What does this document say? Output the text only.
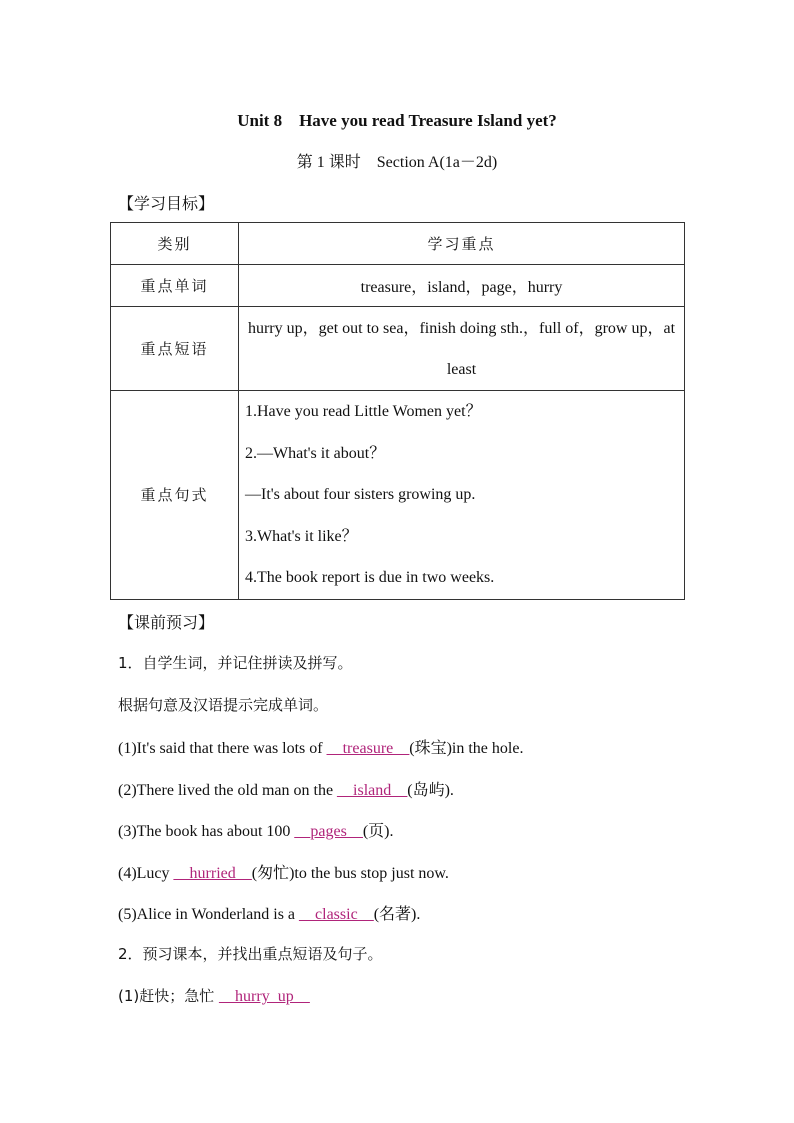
Unit 8　Have you read Treasure Island yet?
第 1 课时　Section A(1a－2d)
【学习目标】
类别	学习重点
重点单词	treasure，island，page，hurry
重点短语	hurry up，get out to sea，finish doing sth.，full of，grow up，at least
重点句式	1.Have you read Little Women yet？
2.—What's it about？
—It's about four sisters growing up.
3.What's it like？
4.The book report is due in two weeks.
【课前预习】
1．自学生词，并记住拼读及拼写。
根据句意及汉语提示完成单词。
(1)It's said that there was lots of __treasure__(珠宝)in the hole.
(2)There lived the old man on the __island__(岛屿).
(3)The book has about 100 __pages__(页).
(4)Lucy __hurried__(匆忙)to the bus stop just now.
(5)Alice in Wonderland is a __classic__(名著).
2．预习课本，并找出重点短语及句子。
(1)赶快；急忙 __hurry_up__
